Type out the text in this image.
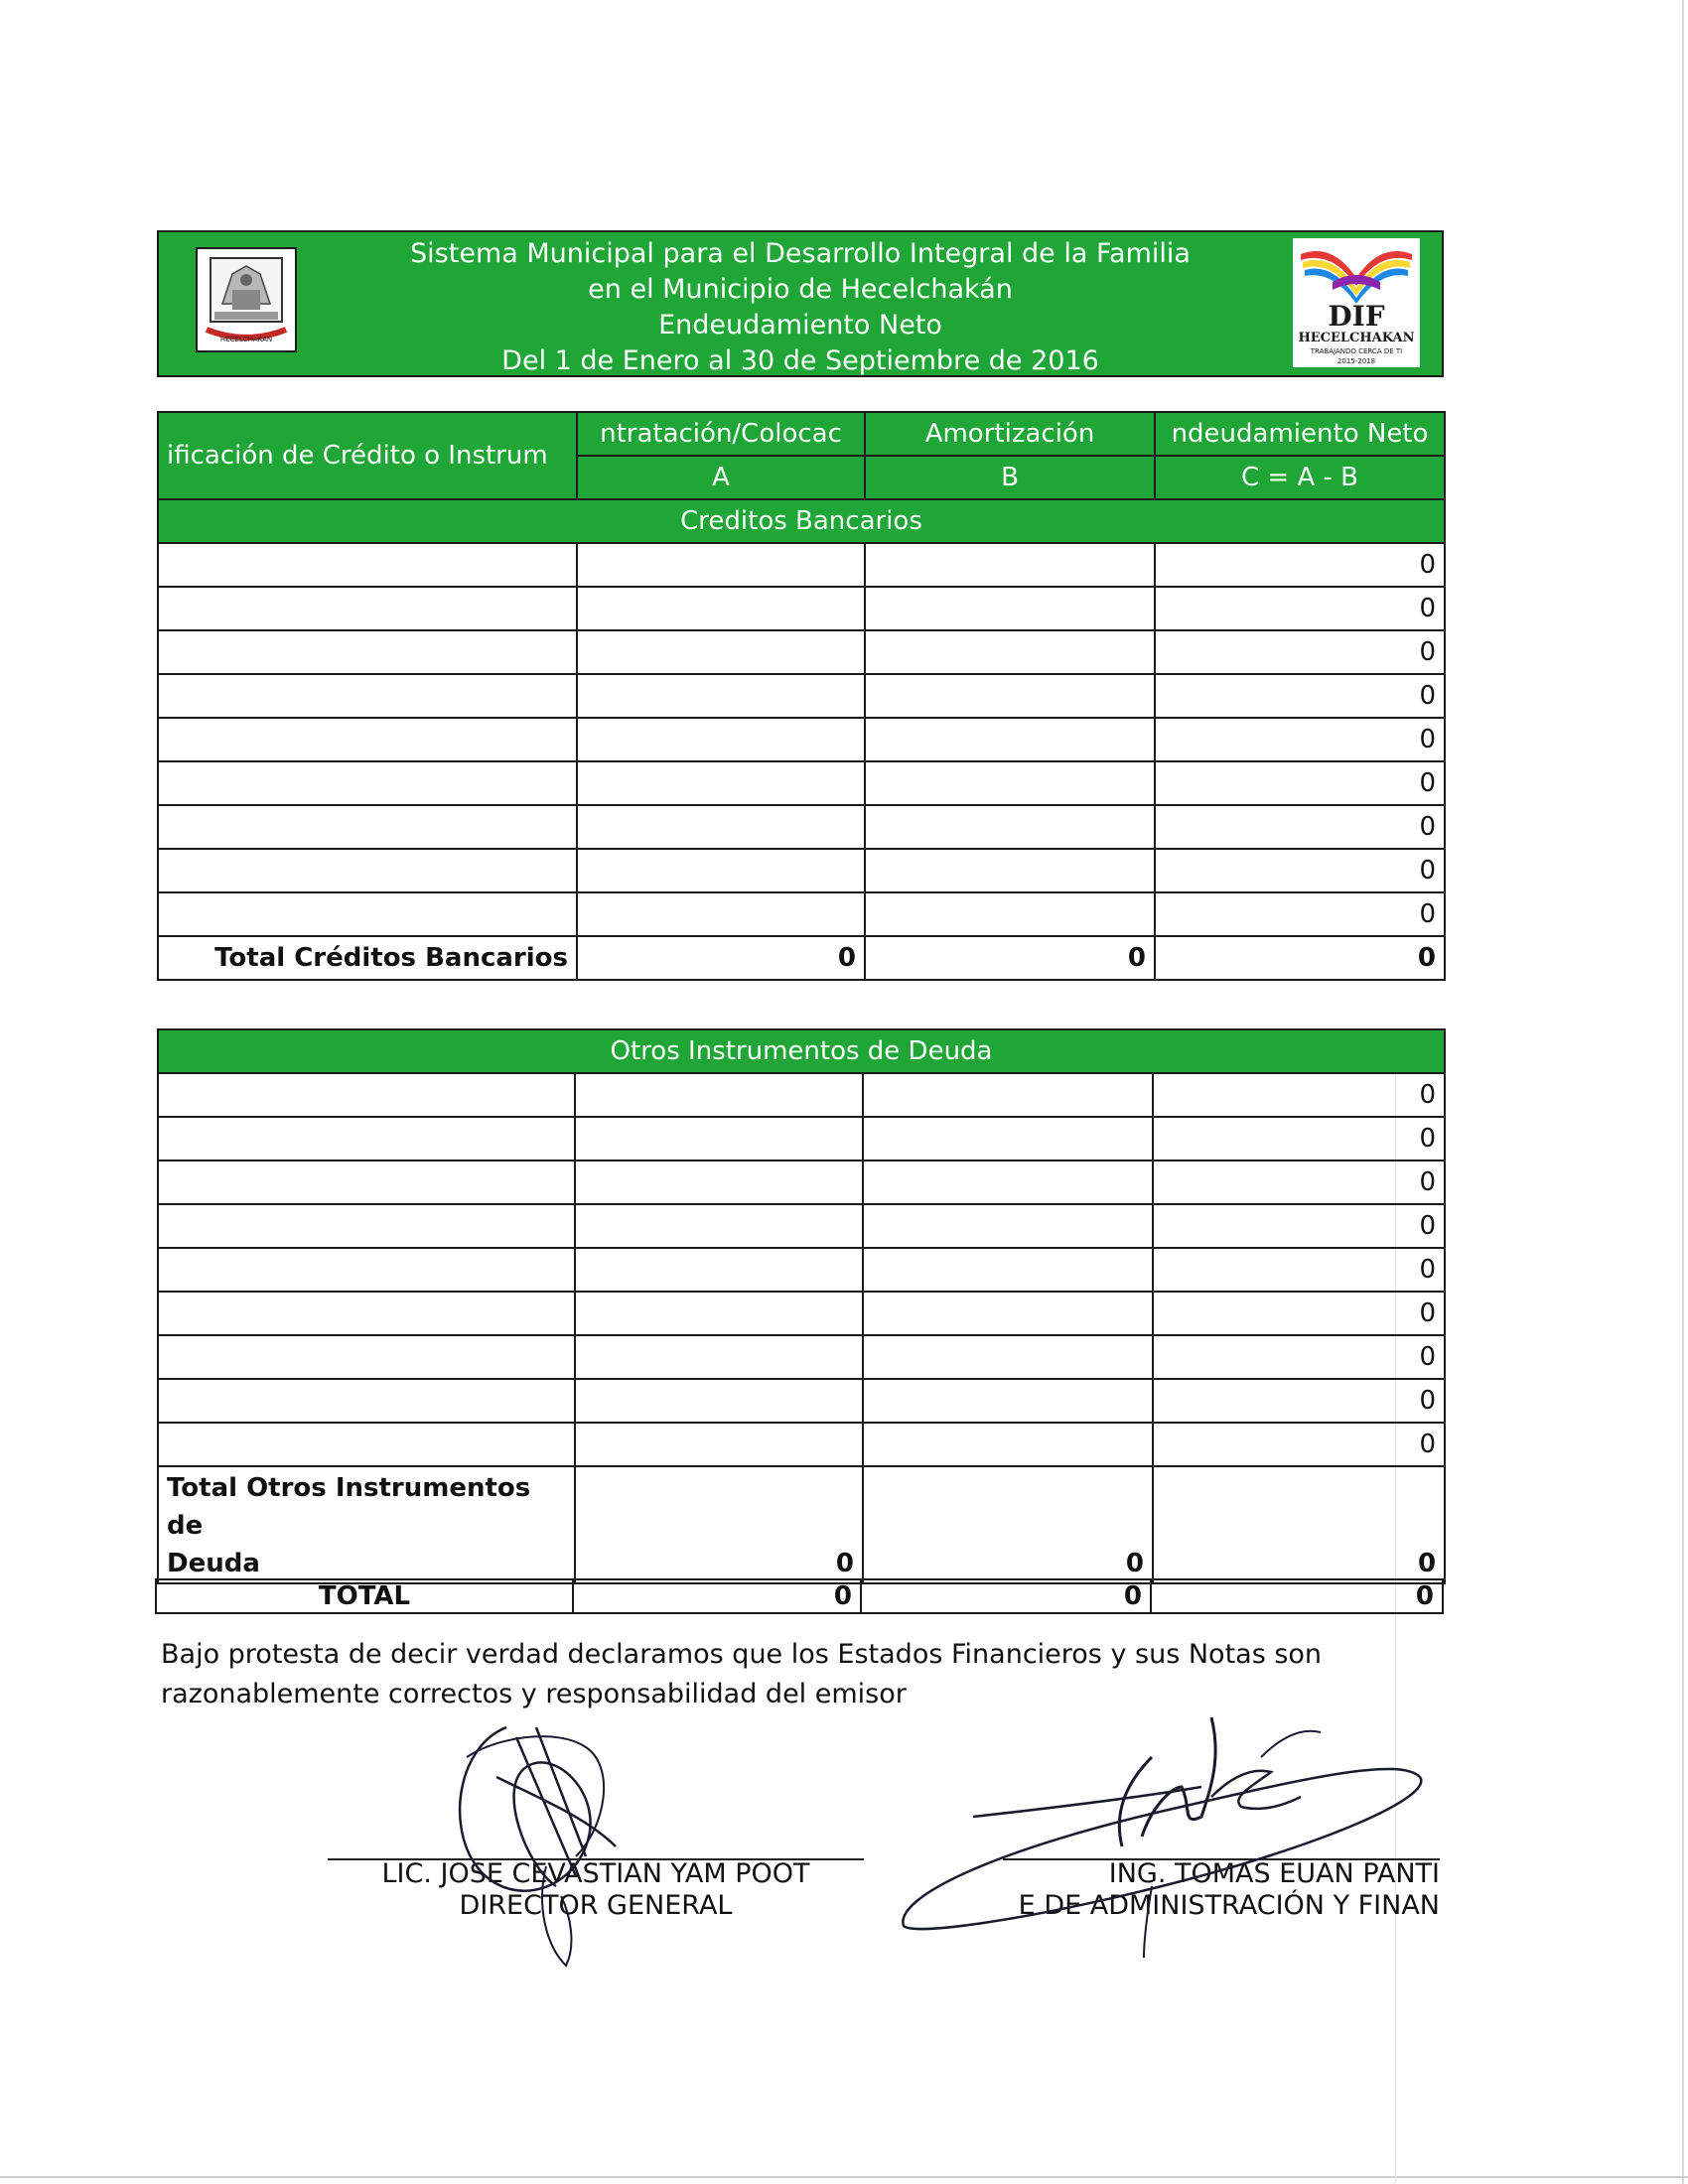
HECELCHAKAN
Sistema Municipal para el Desarrollo Integral de la Familia
en el Municipio de Hecelchakán
Endeudamiento Neto
Del 1 de Enero al 30 de Septiembre de 2016
DIF
HECELCHAKAN
TRABAJANDO CERCA DE TI
2015-2018
ificación de Crédito o Instrum	ntratación/Colocac	Amortización	ndeudamiento Neto
	A	B	C = A - B
Creditos Bancarios			
			0
			0
			0
			0
			0
			0
			0
			0
			0
Total Créditos Bancarios	0	0	0
Otros Instrumentos de Deuda			
			0
			0
			0
			0
			0
			0
			0
			0
			0

Total Otros Instrumentos de
Deuda	0	0	0
TOTAL	0	0	0
Bajo protesta de decir verdad declaramos que los Estados Financieros y sus Notas son
razonablemente correctos y responsabilidad del emisor
LIC. JOSE CEVASTIAN YAM POOT
DIRECTOR GENERAL
ING. TOMAS EUAN PANTI
E DE ADMINISTRACIÓN Y FINAN
